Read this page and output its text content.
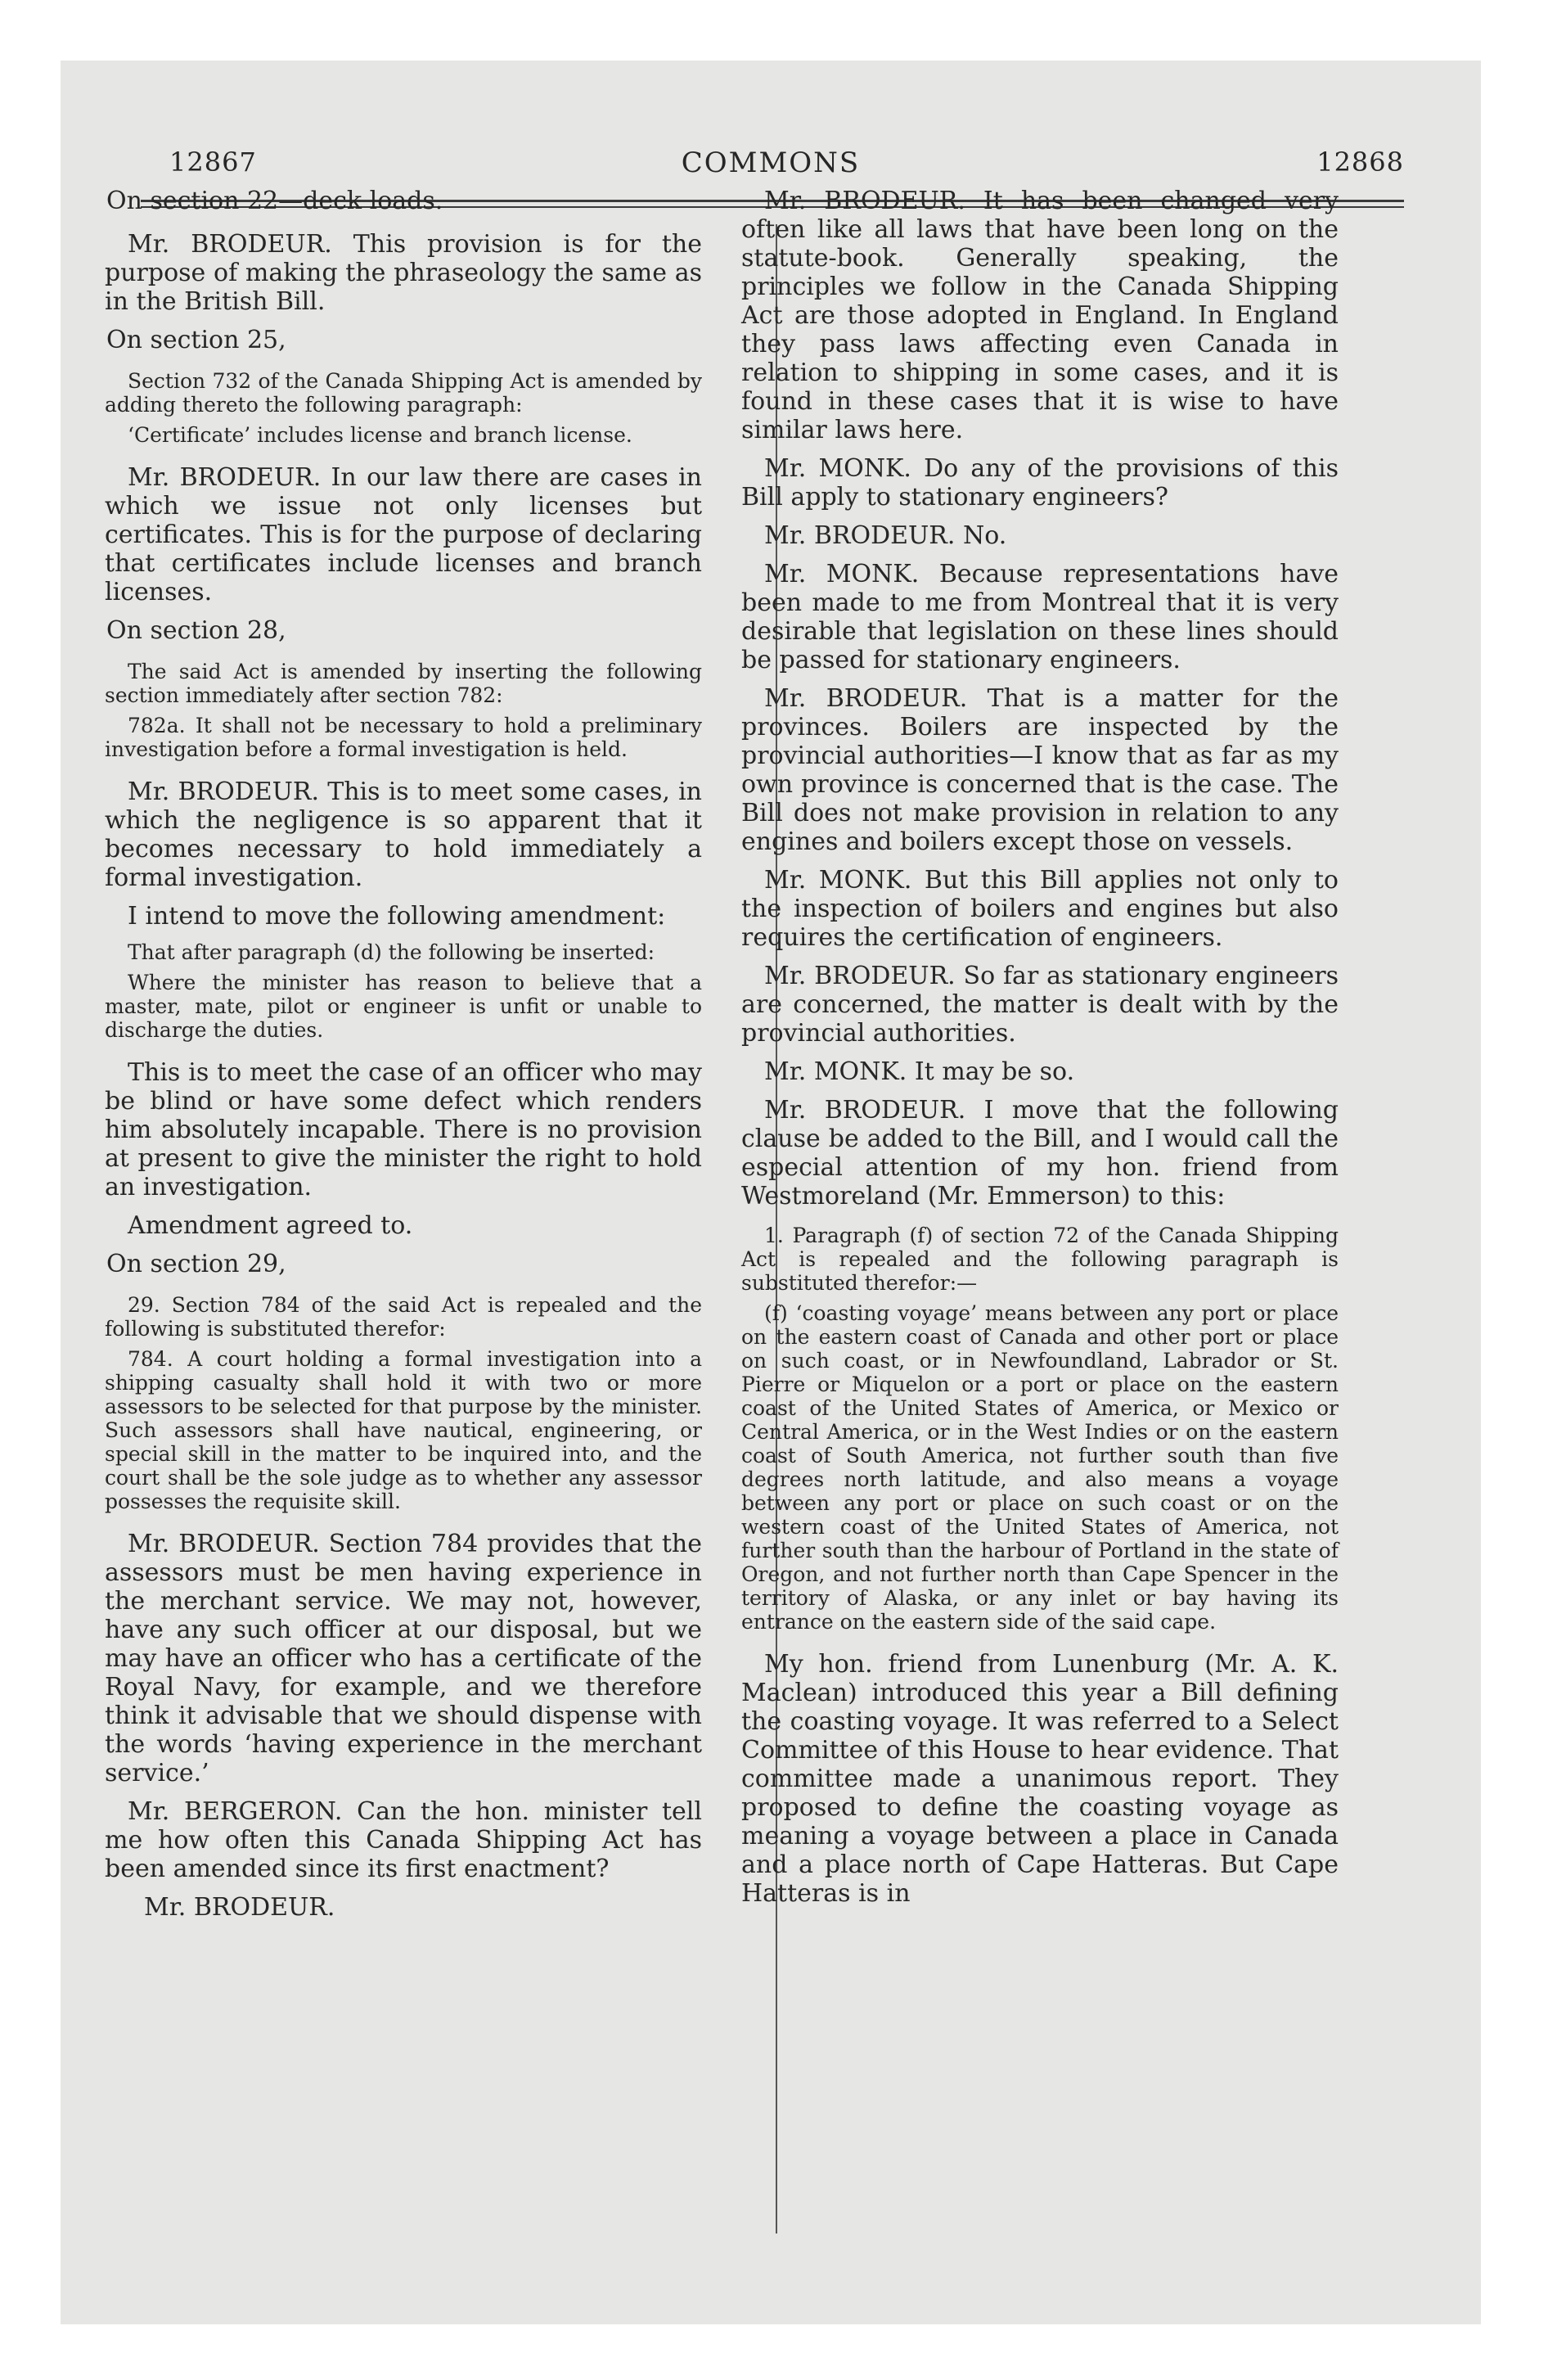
12867	COMMONS	12868

On section 22—deck loads.

Mr. BRODEUR. This provision is for the purpose of making the phraseology the same as in the British Bill.

On section 25,

Section 732 of the Canada Shipping Act is amended by adding thereto the following paragraph:

‘Certificate’ includes license and branch license.

Mr. BRODEUR. In our law there are cases in which we issue not only licenses but certificates. This is for the purpose of declaring that certificates include licenses and branch licenses.

On section 28,

The said Act is amended by inserting the following section immediately after section 782:

782a. It shall not be necessary to hold a preliminary investigation before a formal investigation is held.

Mr. BRODEUR. This is to meet some cases, in which the negligence is so apparent that it becomes necessary to hold immediately a formal investigation.

I intend to move the following amendment:

That after paragraph (d) the following be inserted:

Where the minister has reason to believe that a master, mate, pilot or engineer is unfit or unable to discharge the duties.

This is to meet the case of an officer who may be blind or have some defect which renders him absolutely incapable. There is no provision at present to give the minister the right to hold an investigation.

Amendment agreed to.

On section 29,

29. Section 784 of the said Act is repealed and the following is substituted therefor:

784. A court holding a formal investigation into a shipping casualty shall hold it with two or more assessors to be selected for that purpose by the minister. Such assessors shall have nautical, engineering, or special skill in the matter to be inquired into, and the court shall be the sole judge as to whether any assessor possesses the requisite skill.

Mr. BRODEUR. Section 784 provides that the assessors must be men having experience in the merchant service. We may not, however, have any such officer at our disposal, but we may have an officer who has a certificate of the Royal Navy, for example, and we therefore think it advisable that we should dispense with the words ‘having experience in the merchant service.’

Mr. BERGERON. Can the hon. minister tell me how often this Canada Shipping Act has been amended since its first enactment?

Mr. BRODEUR.

Mr. BRODEUR. It has been changed very often like all laws that have been long on the statute-book. Generally speaking, the principles we follow in the Canada Shipping Act are those adopted in England. In England they pass laws affecting even Canada in relation to shipping in some cases, and it is found in these cases that it is wise to have similar laws here.

Mr. MONK. Do any of the provisions of this Bill apply to stationary engineers?

Mr. BRODEUR. No.

Mr. MONK. Because representations have been made to me from Montreal that it is very desirable that legislation on these lines should be passed for stationary engineers.

Mr. BRODEUR. That is a matter for the provinces. Boilers are inspected by the provincial authorities—I know that as far as my own province is concerned that is the case. The Bill does not make provision in relation to any engines and boilers except those on vessels.

Mr. MONK. But this Bill applies not only to the inspection of boilers and engines but also requires the certification of engineers.

Mr. BRODEUR. So far as stationary engineers are concerned, the matter is dealt with by the provincial authorities.

Mr. MONK. It may be so.

Mr. BRODEUR. I move that the following clause be added to the Bill, and I would call the especial attention of my hon. friend from Westmoreland (Mr. Emmerson) to this:

1. Paragraph (f) of section 72 of the Canada Shipping Act is repealed and the following paragraph is substituted therefor:—

(f) ‘coasting voyage’ means between any port or place on the eastern coast of Canada and other port or place on such coast, or in Newfoundland, Labrador or St. Pierre or Miquelon or a port or place on the eastern coast of the United States of America, or Mexico or Central America, or in the West Indies or on the eastern coast of South America, not further south than five degrees north latitude, and also means a voyage between any port or place on such coast or on the western coast of the United States of America, not further south than the harbour of Portland in the state of Oregon, and not further north than Cape Spencer in the territory of Alaska, or any inlet or bay having its entrance on the eastern side of the said cape.

My hon. friend from Lunenburg (Mr. A. K. Maclean) introduced this year a Bill defining the coasting voyage. It was referred to a Select Committee of this House to hear evidence. That committee made a unanimous report. They proposed to define the coasting voyage as meaning a voyage between a place in Canada and a place north of Cape Hatteras. But Cape Hatteras is in
